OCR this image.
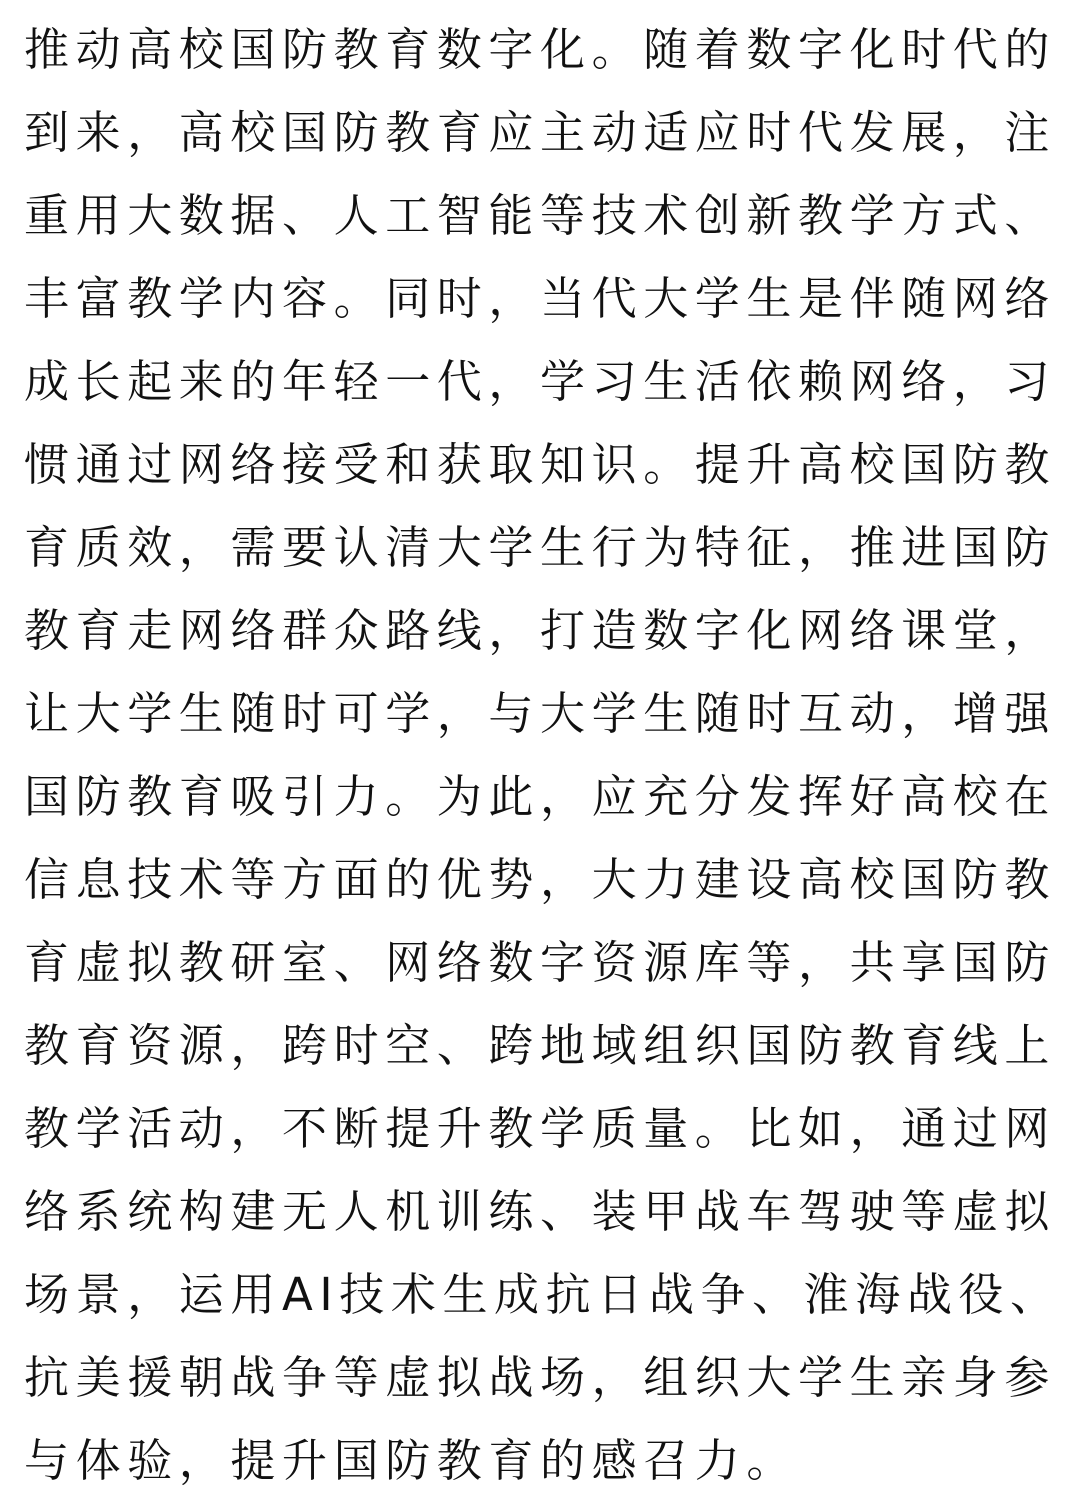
推动高校国防教育数字化。随着数字化时代的
到来，高校国防教育应主动适应时代发展，注
重用大数据、人工智能等技术创新教学方式、
丰富教学内容。同时，当代大学生是伴随网络
成长起来的年轻一代，学习生活依赖网络，习
惯通过网络接受和获取知识。提升高校国防教
育质效，需要认清大学生行为特征，推进国防
教育走网络群众路线，打造数字化网络课堂，
让大学生随时可学，与大学生随时互动，增强
国防教育吸引力。为此，应充分发挥好高校在
信息技术等方面的优势，大力建设高校国防教
育虚拟教研室、网络数字资源库等，共享国防
教育资源，跨时空、跨地域组织国防教育线上
教学活动，不断提升教学质量。比如，通过网
络系统构建无人机训练、装甲战车驾驶等虚拟
场景，运用AI技术生成抗日战争、淮海战役、
抗美援朝战争等虚拟战场，组织大学生亲身参
与体验，提升国防教育的感召力。
